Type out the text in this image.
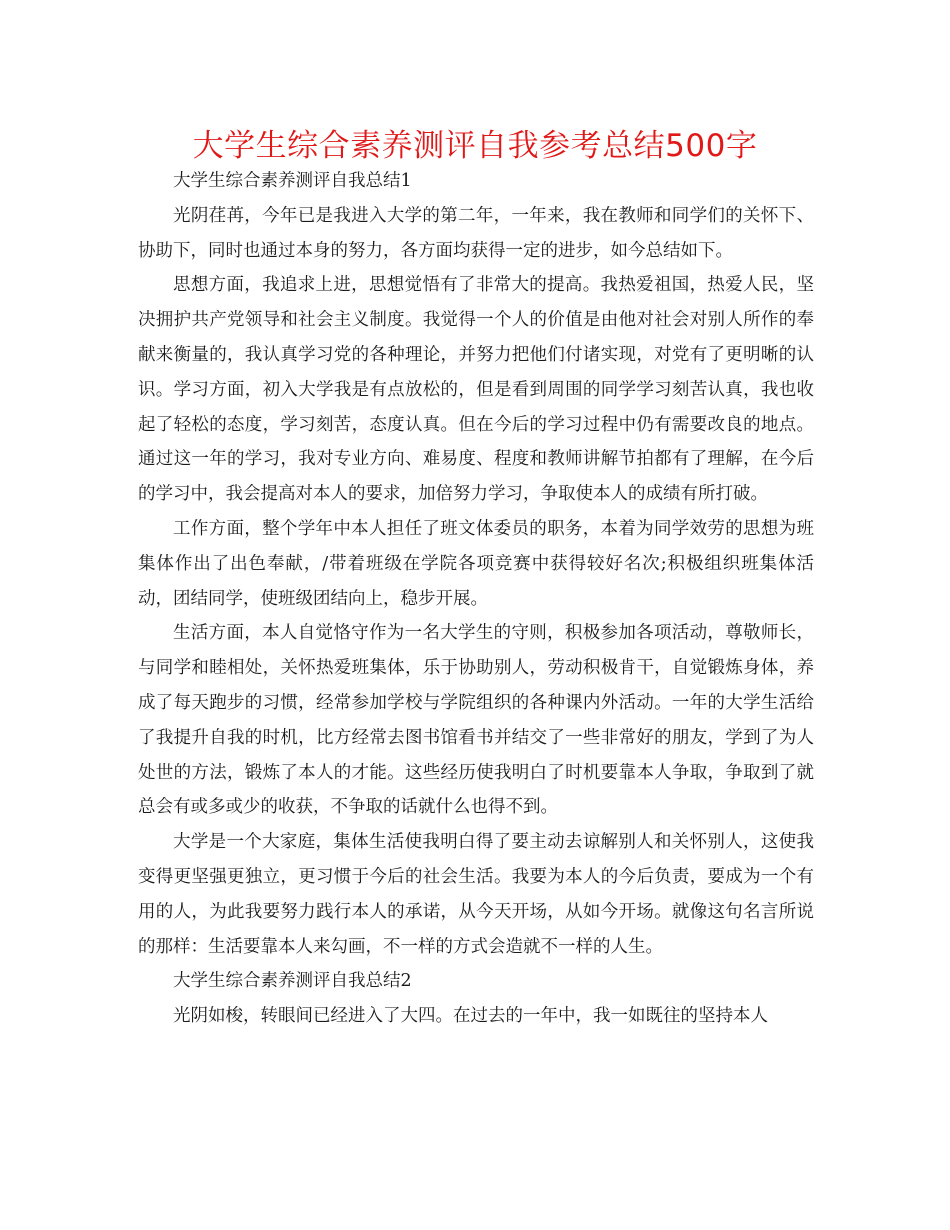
大学生综合素养测评自我参考总结500字

大学生综合素养测评自我总结1

光阴荏苒，今年已是我进入大学的第二年，一年来，我在教师和同学们的关怀下、协助下，同时也通过本身的努力，各方面均获得一定的进步，如今总结如下。

思想方面，我追求上进，思想觉悟有了非常大的提高。我热爱祖国，热爱人民，坚决拥护共产党领导和社会主义制度。我觉得一个人的价值是由他对社会对别人所作的奉献来衡量的，我认真学习党的各种理论，并努力把他们付诸实现，对党有了更明晰的认识。学习方面，初入大学我是有点放松的，但是看到周围的同学学习刻苦认真，我也收起了轻松的态度，学习刻苦，态度认真。但在今后的学习过程中仍有需要改良的地点。通过这一年的学习，我对专业方向、难易度、程度和教师讲解节拍都有了理解，在今后的学习中，我会提高对本人的要求，加倍努力学习，争取使本人的成绩有所打破。

工作方面，整个学年中本人担任了班文体委员的职务，本着为同学效劳的思想为班集体作出了出色奉献，/带着班级在学院各项竞赛中获得较好名次;积极组织班集体活动，团结同学，使班级团结向上，稳步开展。

生活方面，本人自觉恪守作为一名大学生的守则，积极参加各项活动，尊敬师长，与同学和睦相处，关怀热爱班集体，乐于协助别人，劳动积极肯干，自觉锻炼身体，养成了每天跑步的习惯，经常参加学校与学院组织的各种课内外活动。一年的大学生活给了我提升自我的时机，比方经常去图书馆看书并结交了一些非常好的朋友，学到了为人处世的方法，锻炼了本人的才能。这些经历使我明白了时机要靠本人争取，争取到了就总会有或多或少的收获，不争取的话就什么也得不到。

大学是一个大家庭，集体生活使我明白得了要主动去谅解别人和关怀别人，这使我变得更坚强更独立，更习惯于今后的社会生活。我要为本人的今后负责，要成为一个有用的人，为此我要努力践行本人的承诺，从今天开场，从如今开场。就像这句名言所说的那样：生活要靠本人来勾画，不一样的方式会造就不一样的人生。

大学生综合素养测评自我总结2

光阴如梭，转眼间已经进入了大四。在过去的一年中，我一如既往的坚持本人
